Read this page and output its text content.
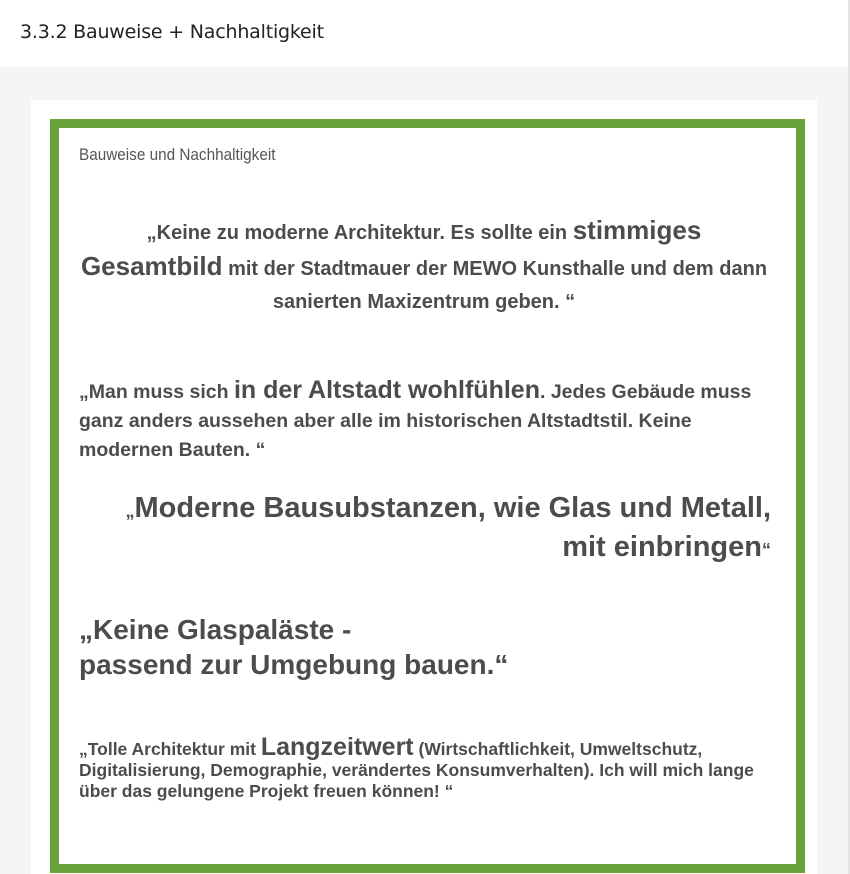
3.3.2 Bauweise + Nachhaltigkeit
Bauweise und Nachhaltigkeit
„Keine zu moderne Architektur. Es sollte ein stimmiges Gesamtbild mit der Stadtmauer der MEWO Kunsthalle und dem dann sanierten Maxizentrum geben. “
„Man muss sich in der Altstadt wohlfühlen. Jedes Gebäude muss ganz anders aussehen aber alle im historischen Altstadtstil. Keine modernen Bauten. “
„Moderne Bausubstanzen, wie Glas und Metall, mit einbringen“
„Keine Glaspaläste -
passend zur Umgebung bauen.“
„Tolle Architektur mit Langzeitwert (Wirtschaftlichkeit, Umweltschutz, Digitalisierung, Demographie, verändertes Konsumverhalten). Ich will mich lange über das gelungene Projekt freuen können! “
